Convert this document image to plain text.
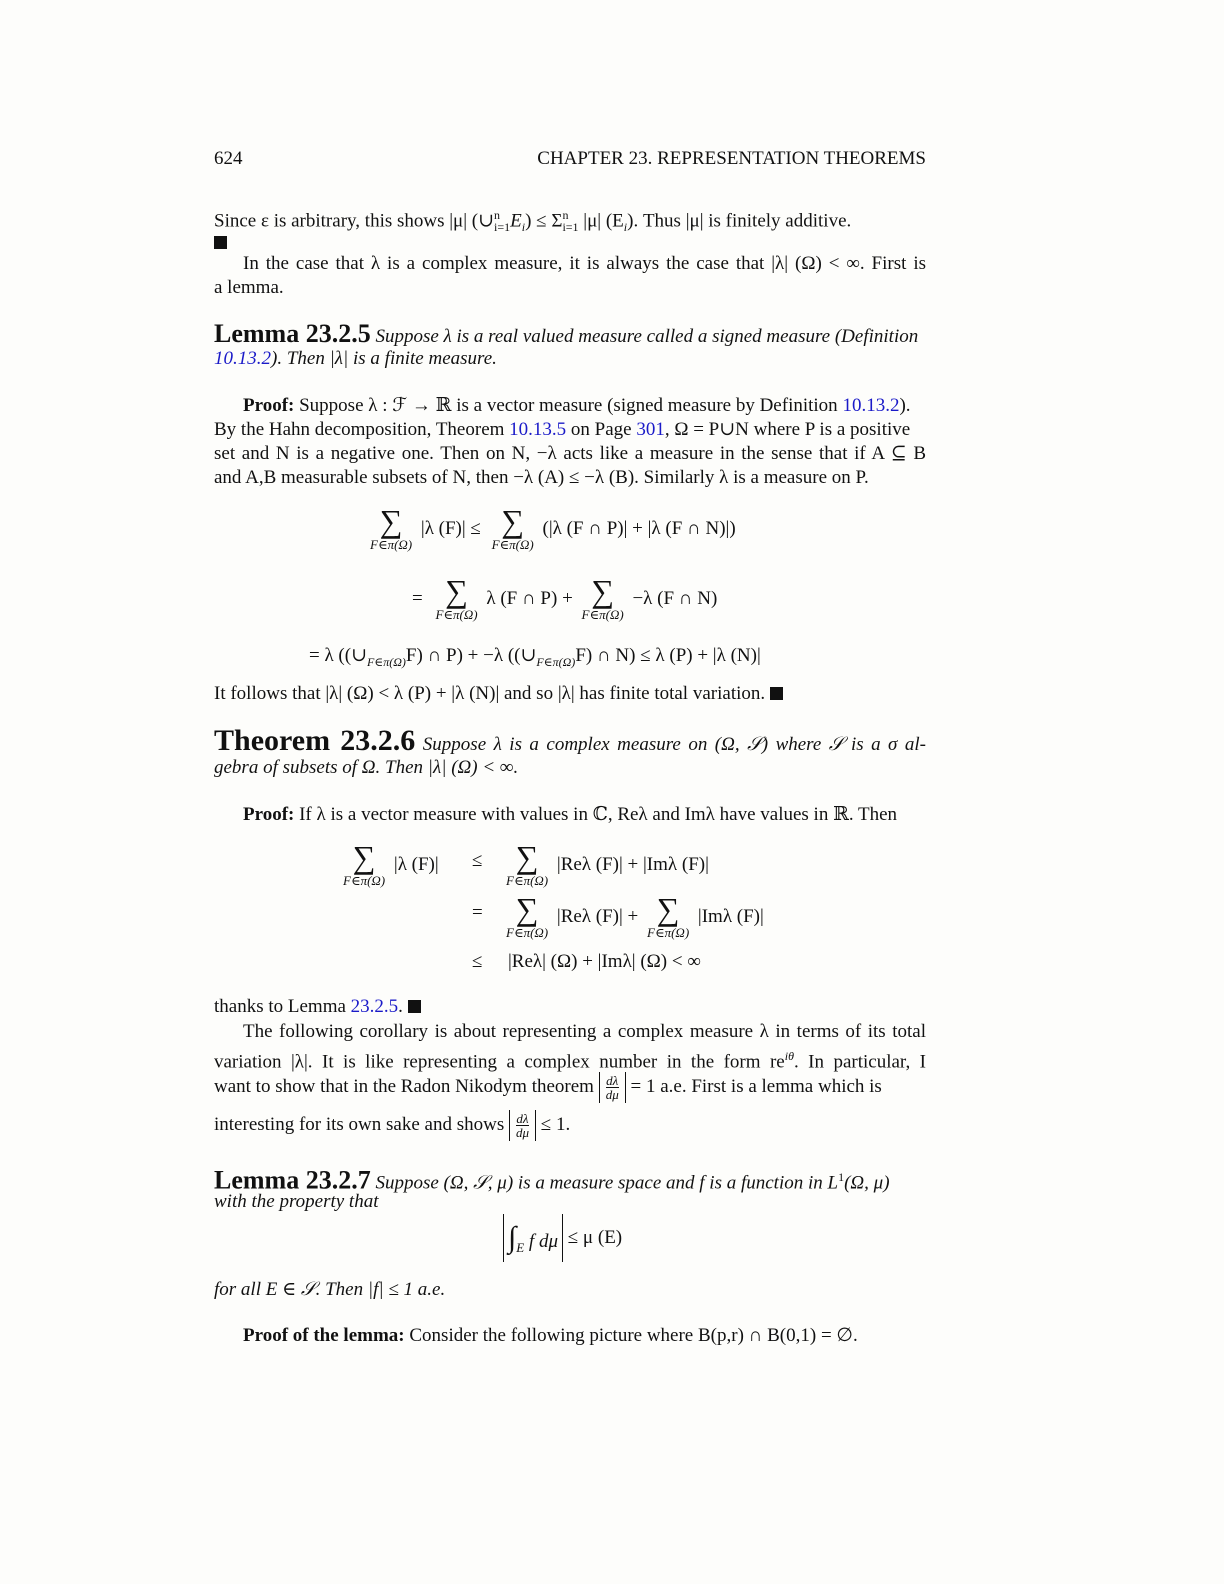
624	CHAPTER 23. REPRESENTATION THEOREMS
Since ε is arbitrary, this shows |μ| $(\cup^n_{i=1}E_i) \le \Sigma^n_{i=1}$ |μ| $(E_i)$. Thus |μ| is finitely additive.
In the case that λ is a complex measure, it is always the case that |λ| (Ω) < ∞. First is
a lemma.
Lemma 23.2.5 Suppose λ is a real valued measure called a signed measure (Definition
10.13.2). Then |λ| is a finite measure.
Proof: Suppose λ : ℱ → ℝ is a vector measure (signed measure by Definition 10.13.2).
By the Hahn decomposition, Theorem 10.13.5 on Page 301, Ω = P∪N where P is a positive
set and N is a negative one. Then on N, −λ acts like a measure in the sense that if A ⊆ B
and A,B measurable subsets of N, then −λ (A) ≤ −λ (B). Similarly λ is a measure on P.
∑
F∈π(Ω)
|λ (F)| ≤ ∑
F∈π(Ω)
(|λ (F ∩ P)| + |λ (F ∩ N)|)
= ∑
F∈π(Ω)
λ (F ∩ P) + ∑
F∈π(Ω)
−λ (F ∩ N)
= λ ($(\cup_{F\in\pi(\Omega)}F)$ ∩ P) + −λ ($(\cup_{F\in\pi(\Omega)}F)$ ∩ N) ≤ λ (P) + |λ (N)|
It follows that |λ| (Ω) < λ (P) + |λ (N)| and so |λ| has finite total variation.
Theorem 23.2.6 Suppose λ is a complex measure on (Ω, 𝒮) where 𝒮 is a σ al-
gebra of subsets of Ω. Then |λ| (Ω) < ∞.
Proof: If λ is a vector measure with values in ℂ, Reλ and Imλ have values in ℝ. Then
∑
F∈π(Ω)
|λ (F)| ≤	∑
F∈π(Ω)
|Reλ (F)| + |Imλ (F)|
=	∑
F∈π(Ω)
|Reλ (F)| + ∑
F∈π(Ω)
|Imλ (F)|
≤ |Reλ| (Ω) + |Imλ| (Ω) < ∞
thanks to Lemma 23.2.5.
The following corollary is about representing a complex measure λ in terms of its total
variation |λ|. It is like representing a complex number in the form $re^{i\theta}$. In particular, I
want to show that in the Radon Nikodym theorem $\frac{d\lambda}{d\mu} = 1$ a.e. First is a lemma which is
interesting for its own sake and shows $\frac{d\lambda}{d\mu} \le 1$.
Lemma 23.2.7 Suppose (Ω, 𝒮, μ) is a measure space and f is a function in $L^1(\Omega$, μ)
with the property that
$\int_E$ f dμ ≤ μ (E)
for all E ∈ 𝒮. Then |f| ≤ 1 a.e.
Proof of the lemma: Consider the following picture where B(p,r) ∩ B(0,1) = ∅.
